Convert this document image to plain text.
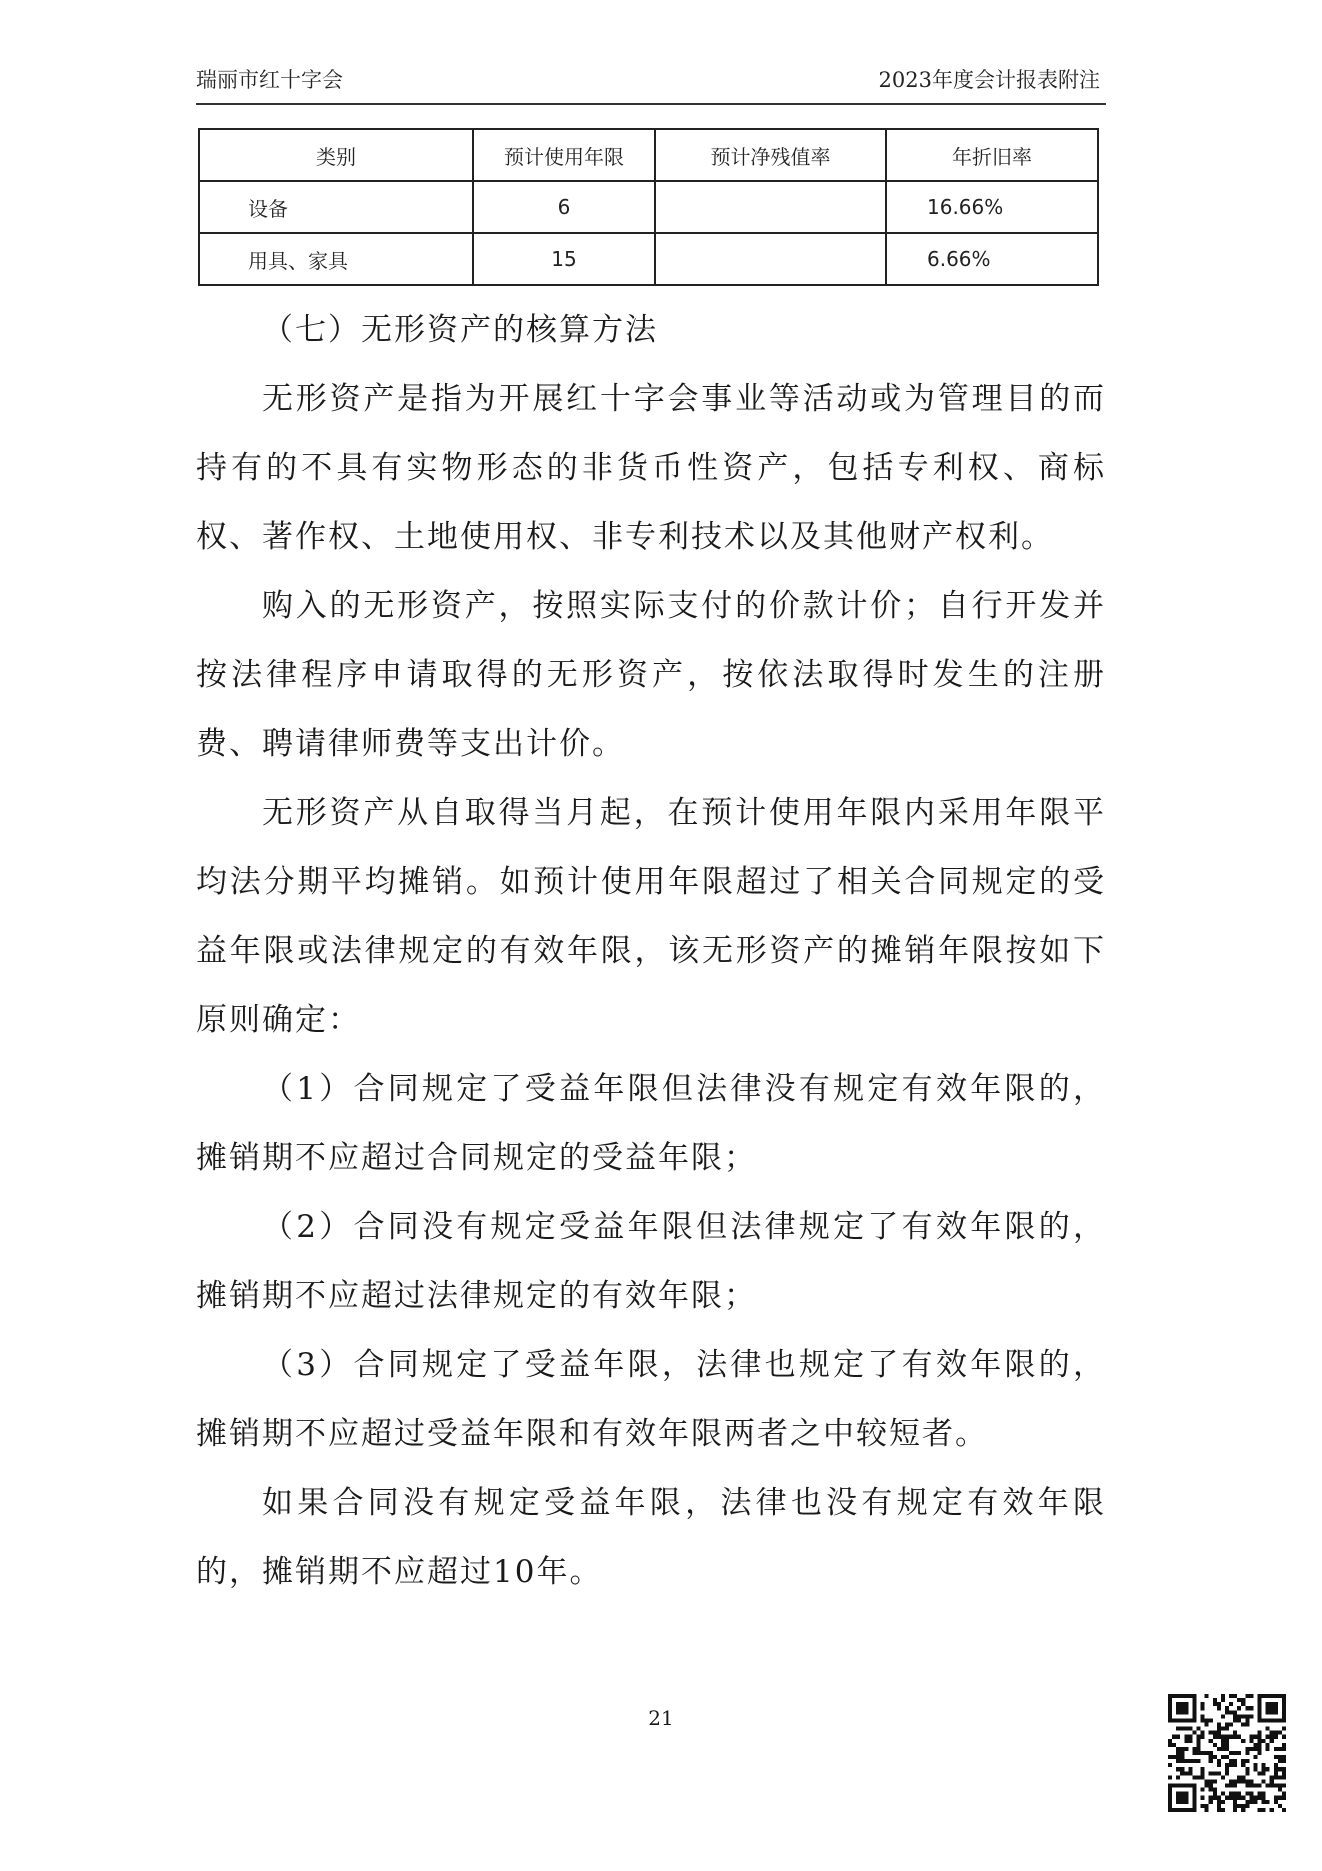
瑞丽市红十字会	2023年度会计报表附注
类别	预计使用年限	预计净残值率	年折旧率
设备	6		16.66%
用具、家具	15		6.66%

（七）无形资产的核算方法

无形资产是指为开展红十字会事业等活动或为管理目的而持有的不具有实物形态的非货币性资产，包括专利权、商标权、著作权、土地使用权、非专利技术以及其他财产权利。

购入的无形资产，按照实际支付的价款计价；自行开发并按法律程序申请取得的无形资产，按依法取得时发生的注册费、聘请律师费等支出计价。

无形资产从自取得当月起，在预计使用年限内采用年限平均法分期平均摊销。如预计使用年限超过了相关合同规定的受益年限或法律规定的有效年限，该无形资产的摊销年限按如下原则确定：

（1）合同规定了受益年限但法律没有规定有效年限的，摊销期不应超过合同规定的受益年限；

（2）合同没有规定受益年限但法律规定了有效年限的，摊销期不应超过法律规定的有效年限；

（3）合同规定了受益年限，法律也规定了有效年限的，摊销期不应超过受益年限和有效年限两者之中较短者。

如果合同没有规定受益年限，法律也没有规定有效年限的，摊销期不应超过10年。

21
